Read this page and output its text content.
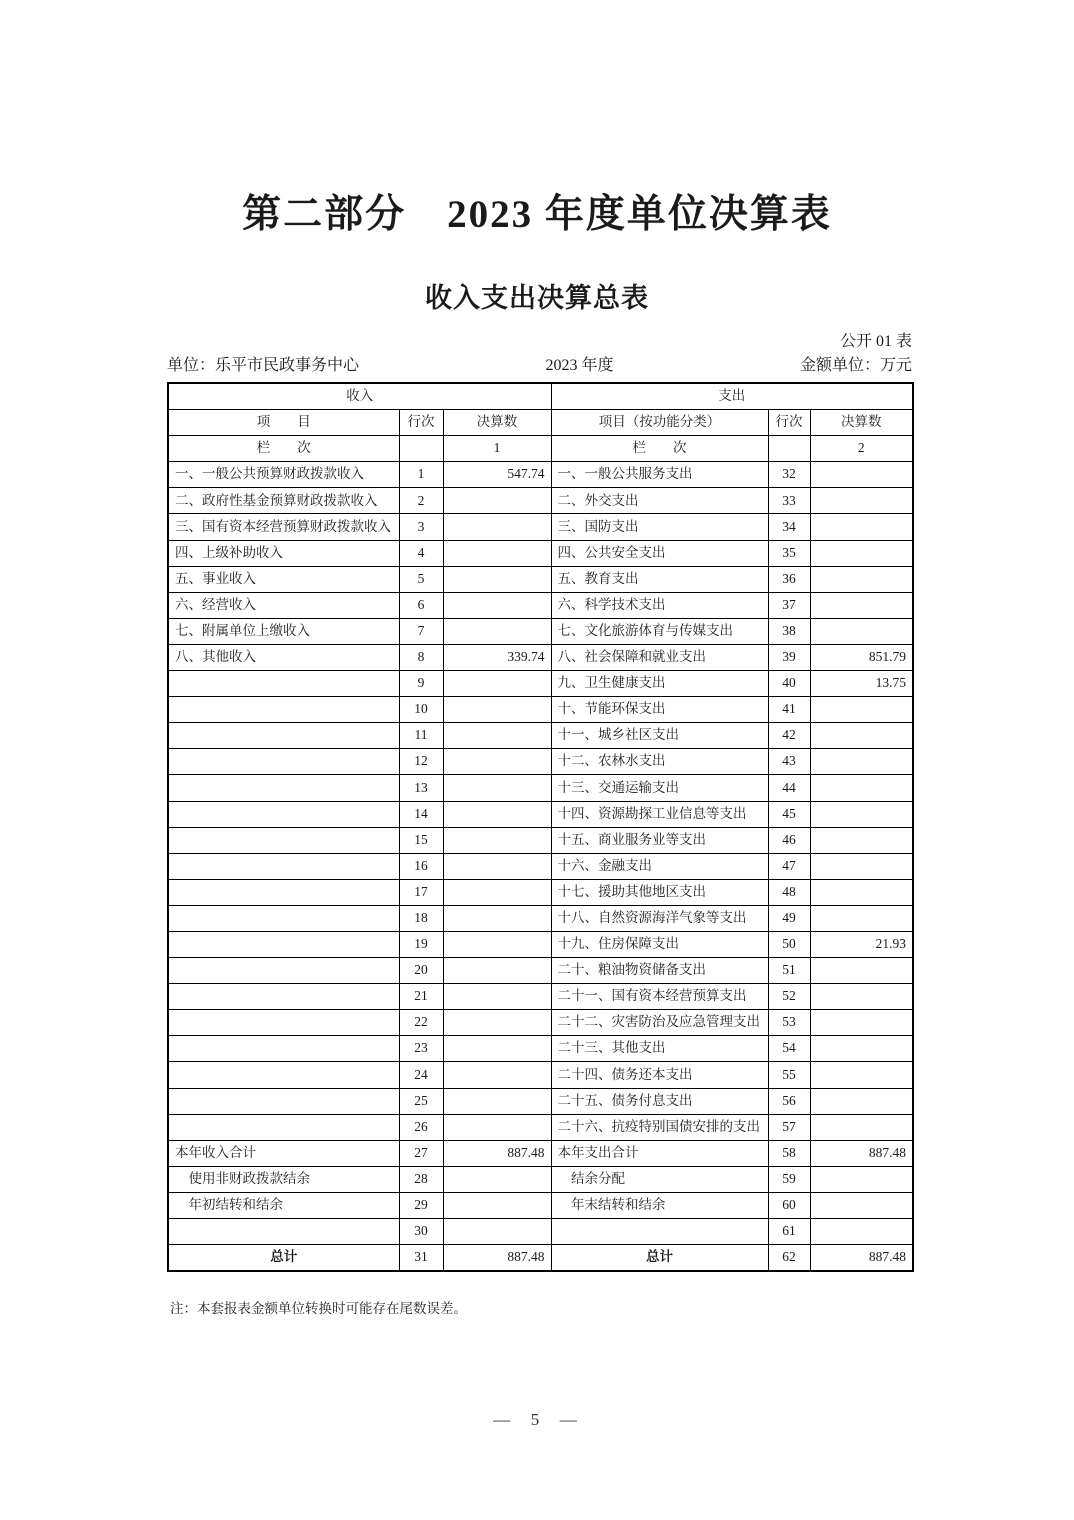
第二部分　2023 年度单位决算表
收入支出决算总表
公开 01 表
单位：乐平市民政事务中心	2023 年度	金额单位：万元
收入			支出		
项　　目	行次	决算数	项目（按功能分类）	行次	决算数
栏　　次		1	栏　　次		2
一、一般公共预算财政拨款收入	1	547.74	一、一般公共服务支出	32	
二、政府性基金预算财政拨款收入	2		二、外交支出	33	
三、国有资本经营预算财政拨款收入	3		三、国防支出	34	
四、上级补助收入	4		四、公共安全支出	35	
五、事业收入	5		五、教育支出	36	
六、经营收入	6		六、科学技术支出	37	
七、附属单位上缴收入	7		七、文化旅游体育与传媒支出	38	
八、其他收入	8	339.74	八、社会保障和就业支出	39	851.79
	9		九、卫生健康支出	40	13.75
	10		十、节能环保支出	41	
	11		十一、城乡社区支出	42	
	12		十二、农林水支出	43	
	13		十三、交通运输支出	44	
	14		十四、资源勘探工业信息等支出	45	
	15		十五、商业服务业等支出	46	
	16		十六、金融支出	47	
	17		十七、援助其他地区支出	48	
	18		十八、自然资源海洋气象等支出	49	
	19		十九、住房保障支出	50	21.93
	20		二十、粮油物资储备支出	51	
	21		二十一、国有资本经营预算支出	52	
	22		二十二、灾害防治及应急管理支出	53	
	23		二十三、其他支出	54	
	24		二十四、债务还本支出	55	
	25		二十五、债务付息支出	56	
	26		二十六、抗疫特别国债安排的支出	57	
本年收入合计	27	887.48	本年支出合计	58	887.48
　使用非财政拨款结余	28		　结余分配	59	
　年初结转和结余	29		　年末结转和结余	60	
	30			61	
总计	31	887.48	总计	62	887.48
注：本套报表金额单位转换时可能存在尾数误差。
—  5  —
